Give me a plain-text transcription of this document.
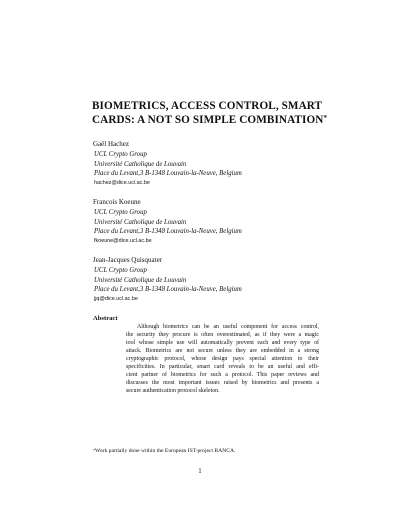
BIOMETRICS, ACCESS CONTROL, SMART
CARDS: A NOT SO SIMPLE COMBINATION*
Gaël Hachez
UCL Crypto Group
Université Catholique de Louvain
Place du Levant,3 B-1348 Louvain-la-Neuve, Belgium
hachez@dice.ucl.ac.be
Francois Koeune
UCL Crypto Group
Université Catholique de Louvain
Place du Levant,3 B-1348 Louvain-la-Neuve, Belgium
fkoeune@dice.ucl.ac.be
Jean-Jacques Quisquater
UCL Crypto Group
Université Catholique de Louvain
Place du Levant,3 B-1348 Louvain-la-Neuve, Belgium
jjq@dice.ucl.ac.be
Abstract
Although biometrics can be an useful component for access control,
the security they procure is often overestimated, as if they were a magic
tool whose simple use will automatically prevent each and every type of
attack. Biometrics are not secure unless they are embedded in a strong
cryptographic protocol, whose design pays special attention to their
specificities. In particular, smart card reveals to be an useful and effi-
cient partner of biometrics for such a protocol. This paper reviews and
discusses the most important issues raised by biometrics and presents a
secure authentication protocol skeleton.
*Work partially done within the European IST-project BANCA.
1
